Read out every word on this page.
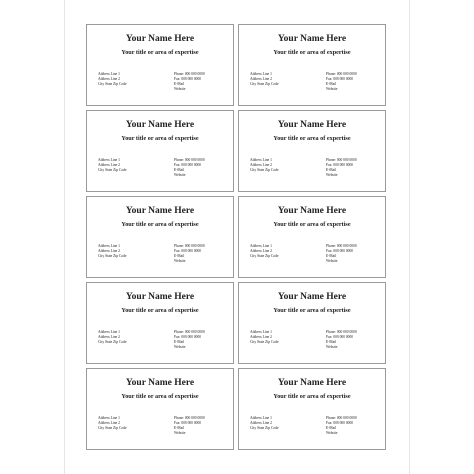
Your Name Here
Your title or area of expertise
Address Line 1
Address Line 2
City State Zip Code
Phone: 000 000 0000
Fax: 000 000 0000
E-Mail
Website
Your Name Here
Your title or area of expertise
Address Line 1
Address Line 2
City State Zip Code
Phone: 000 000 0000
Fax: 000 000 0000
E-Mail
Website
Your Name Here
Your title or area of expertise
Address Line 1
Address Line 2
City State Zip Code
Phone: 000 000 0000
Fax: 000 000 0000
E-Mail
Website
Your Name Here
Your title or area of expertise
Address Line 1
Address Line 2
City State Zip Code
Phone: 000 000 0000
Fax: 000 000 0000
E-Mail
Website
Your Name Here
Your title or area of expertise
Address Line 1
Address Line 2
City State Zip Code
Phone: 000 000 0000
Fax: 000 000 0000
E-Mail
Website
Your Name Here
Your title or area of expertise
Address Line 1
Address Line 2
City State Zip Code
Phone: 000 000 0000
Fax: 000 000 0000
E-Mail
Website
Your Name Here
Your title or area of expertise
Address Line 1
Address Line 2
City State Zip Code
Phone: 000 000 0000
Fax: 000 000 0000
E-Mail
Website
Your Name Here
Your title or area of expertise
Address Line 1
Address Line 2
City State Zip Code
Phone: 000 000 0000
Fax: 000 000 0000
E-Mail
Website
Your Name Here
Your title or area of expertise
Address Line 1
Address Line 2
City State Zip Code
Phone: 000 000 0000
Fax: 000 000 0000
E-Mail
Website
Your Name Here
Your title or area of expertise
Address Line 1
Address Line 2
City State Zip Code
Phone: 000 000 0000
Fax: 000 000 0000
E-Mail
Website
